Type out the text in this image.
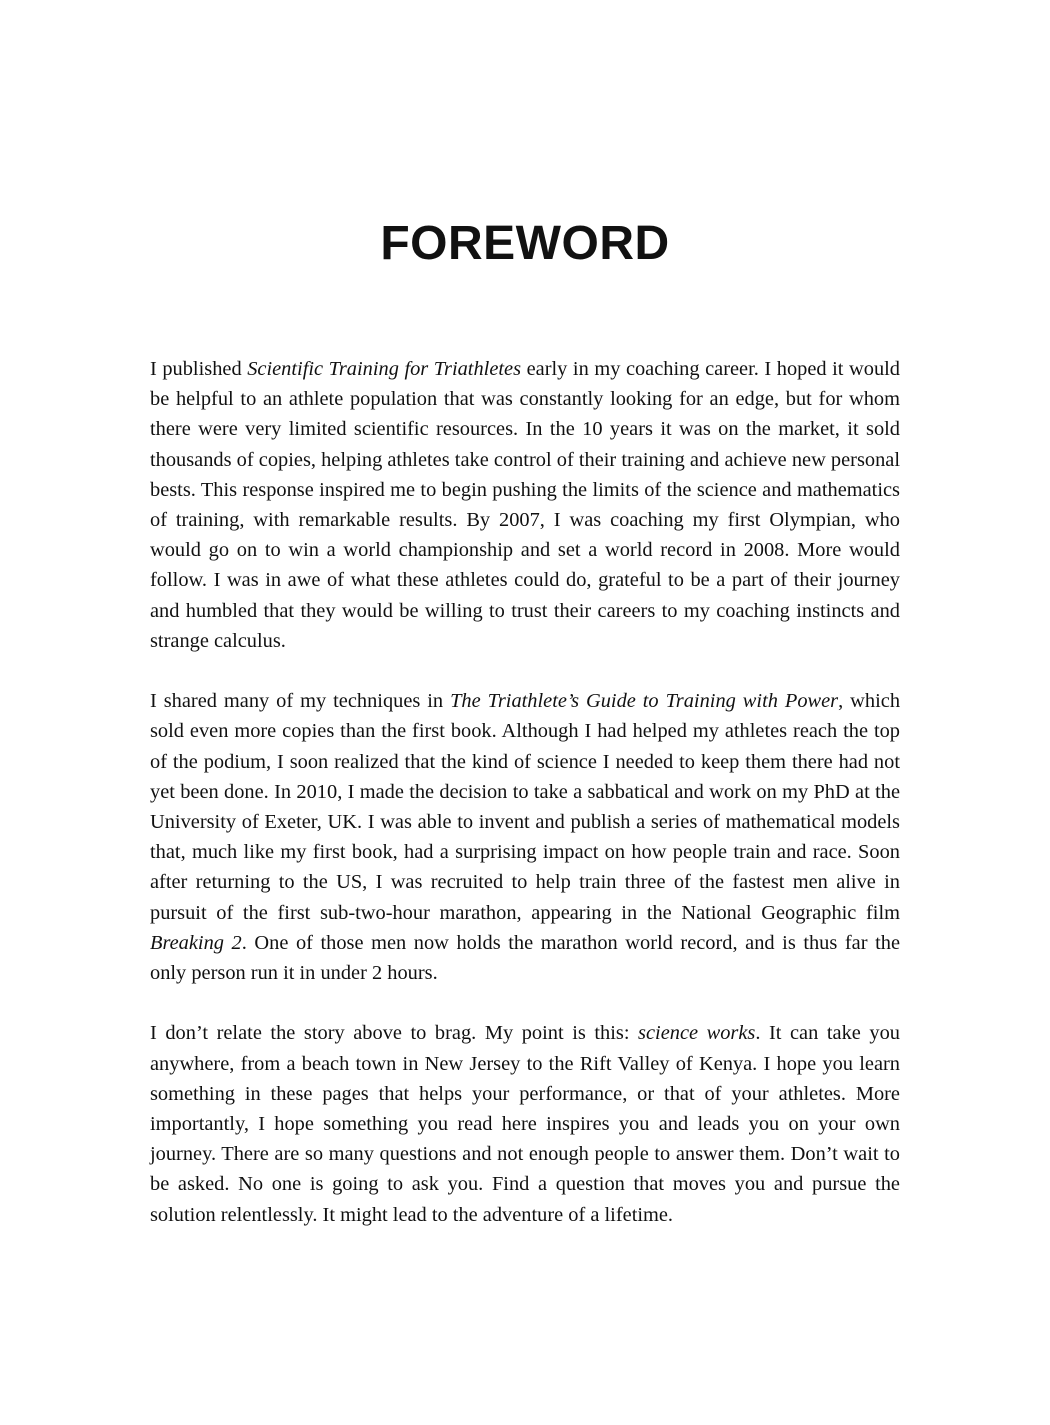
FOREWORD

I published Scientific Training for Triathletes early in my coaching career. I hoped it would be helpful to an athlete population that was constantly looking for an edge, but for whom there were very limited scientific resources. In the 10 years it was on the market, it sold thousands of copies, helping athletes take control of their training and achieve new personal bests. This response inspired me to begin pushing the limits of the science and mathematics of training, with remarkable results. By 2007, I was coaching my first Olympian, who would go on to win a world championship and set a world record in 2008. More would follow. I was in awe of what these athletes could do, grateful to be a part of their journey and humbled that they would be willing to trust their careers to my coaching instincts and strange calculus.

I shared many of my techniques in The Triathlete’s Guide to Training with Power, which sold even more copies than the first book. Although I had helped my athletes reach the top of the podium, I soon realized that the kind of science I needed to keep them there had not yet been done. In 2010, I made the decision to take a sabbatical and work on my PhD at the University of Exeter, UK. I was able to invent and publish a series of mathematical models that, much like my first book, had a surprising impact on how people train and race. Soon after returning to the US, I was recruited to help train three of the fastest men alive in pursuit of the first sub-two-hour marathon, appearing in the National Geographic film Breaking 2. One of those men now holds the marathon world record, and is thus far the only person run it in under 2 hours.

I don’t relate the story above to brag. My point is this: science works. It can take you anywhere, from a beach town in New Jersey to the Rift Valley of Kenya. I hope you learn something in these pages that helps your performance, or that of your athletes. More importantly, I hope something you read here inspires you and leads you on your own journey. There are so many questions and not enough people to answer them. Don’t wait to be asked. No one is going to ask you. Find a question that moves you and pursue the solution relentlessly. It might lead to the adventure of a lifetime.
